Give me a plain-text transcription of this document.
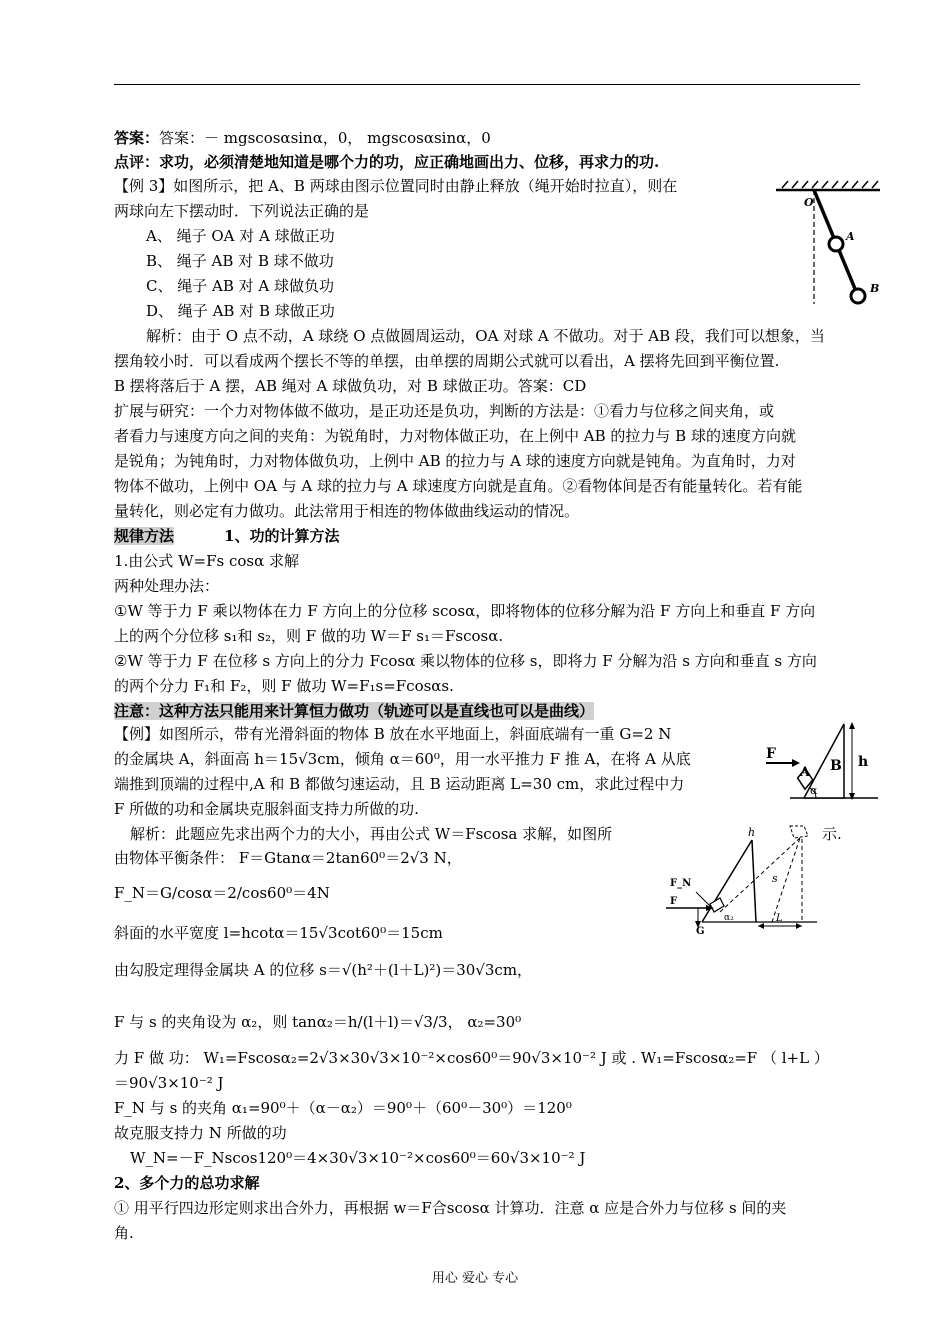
答案：答案：－ mgscosαsinα，0， mgscosαsinα，0
点评：求功，必须清楚地知道是哪个力的功，应正确地画出力、位移，再求力的功.
【例 3】如图所示，把 A、B 两球由图示位置同时由静止释放（绳开始时拉直），则在
两球向左下摆动时．下列说法正确的是
A、 绳子 OA 对 A 球做正功
B、 绳子 AB 对 B 球不做功
C、 绳子 AB 对 A 球做负功
D、 绳子 AB 对 B 球做正功
解析：由于 O 点不动，A 球绕 O 点做圆周运动，OA 对球 A 不做功。对于 AB 段，我们可以想象，当
摆角较小时．可以看成两个摆长不等的单摆，由单摆的周期公式就可以看出，A 摆将先回到平衡位置.
B 摆将落后于 A 摆，AB 绳对 A 球做负功，对 B 球做正功。答案：CD
扩展与研究：一个力对物体做不做功，是正功还是负功，判断的方法是：①看力与位移之间夹角，或
者看力与速度方向之间的夹角：为锐角时，力对物体做正功，在上例中 AB 的拉力与 B 球的速度方向就
是锐角；为钝角时，力对物体做负功，上例中 AB 的拉力与 A 球的速度方向就是钝角。为直角时，力对
物体不做功，上例中 OA 与 A 球的拉力与 A 球速度方向就是直角。②看物体间是否有能量转化。若有能
量转化，则必定有力做功。此法常用于相连的物体做曲线运动的情况。
规律方法	1、功的计算方法
1.由公式 W=Fs cosα 求解
两种处理办法：
①W 等于力 F 乘以物体在力 F 方向上的分位移 scosα，即将物体的位移分解为沿 F 方向上和垂直 F 方向
上的两个分位移 s₁和 s₂，则 F 做的功 W＝F s₁＝Fscosα.
②W 等于力 F 在位移 s 方向上的分力 Fcosα 乘以物体的位移 s，即将力 F 分解为沿 s 方向和垂直 s 方向
的两个分力 F₁和 F₂，则 F 做功 W=F₁s=Fcosαs.
注意：这种方法只能用来计算恒力做功（轨迹可以是直线也可以是曲线）
【例】如图所示，带有光滑斜面的物体 B 放在水平地面上，斜面底端有一重 G=2 N
的金属块 A，斜面高 h＝15√3cm，倾角 α＝60⁰，用一水平推力 F 推 A，在将 A 从底
端推到顶端的过程中,A 和 B 都做匀速运动，且 B 运动距离 L=30 cm，求此过程中力
F 所做的功和金属块克服斜面支持力所做的功.
解析：此题应先求出两个力的大小，再由公式 W＝Fscosa 求解，如图所	示.
由物体平衡条件： F＝Gtanα＝2tan60⁰＝2√3 N，
F_N＝G/cosα＝2/cos60⁰＝4N
斜面的水平宽度 l=hcotα＝15√3cot60⁰＝15cm
由勾股定理得金属块 A 的位移 s＝√(h²＋(l＋L)²)＝30√3cm，
F 与 s 的夹角设为 α₂，则 tanα₂＝h/(l＋l)＝√3/3， α₂=30⁰
力 F 做 功： W₁=Fscosα₂=2√3×30√3×10⁻²×cos60⁰＝90√3×10⁻² J 或 . W₁=Fscosα₂=F （ l+L ）
＝90√3×10⁻² J
F_N 与 s 的夹角 α₁=90⁰＋（α－α₂）＝90⁰＋（60⁰－30⁰）＝120⁰
故克服支持力 N 所做的功
W_N=－F_Nscos120⁰＝4×30√3×10⁻²×cos60⁰＝60√3×10⁻² J
2、多个力的总功求解
① 用平行四边形定则求出合外力，再根据 w＝F合scosα 计算功．注意 α 应是合外力与位移 s 间的夹
角.
O
A
B
F
A B h
α
h
s
F_N
F
G
α₂	L
用心 爱心 专心
